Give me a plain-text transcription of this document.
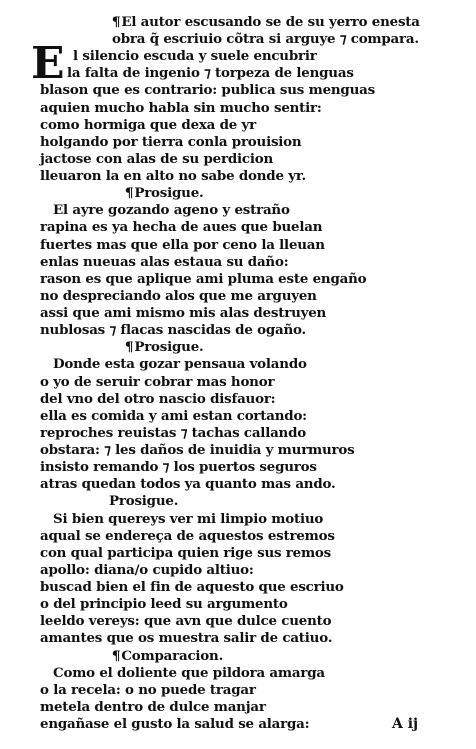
E
¶El autor escusando se de su yerro enesta
obra q̃ escriuio cõtra si arguye ⁊ compara.
l silencio escuda y suele encubrir
la falta de ingenio ⁊ torpeza de lenguas
blason que es contrario: publica sus menguas
aquien mucho habla sin mucho sentir:
como hormiga que dexa de yr
holgando por tierra conla prouision
jactose con alas de su perdicion
lleuaron la en alto no sabe donde yr.
¶Prosigue.
El ayre gozando ageno y estraño
rapina es ya hecha de aues que buelan
fuertes mas que ella por ceno la lleuan
enlas nueuas alas estaua su daño:
rason es que aplique ami pluma este engaño
no despreciando alos que me arguyen
assi que ami mismo mis alas destruyen
nublosas ⁊ flacas nascidas de ogaño.
¶Prosigue.
Donde esta gozar pensaua volando
o yo de seruir cobrar mas honor
del vno del otro nascio disfauor:
ella es comida y ami estan cortando:
reproches reuistas ⁊ tachas callando
obstara: ⁊ les daños de inuidia y murmuros
insisto remando ⁊ los puertos seguros
atras quedan todos ya quanto mas ando.
Prosigue.
Si bien quereys ver mi limpio motiuo
aqual se endereça de aquestos estremos
con qual participa quien rige sus remos
apollo: diana/o cupido altiuo:
buscad bien el fin de aquesto que escriuo
o del principio leed su argumento
leeldo vereys: que avn que dulce cuento
amantes que os muestra salir de catiuo.
¶Comparacion.
A ij
Como el doliente que pildora amarga
o la recela: o no puede tragar
metela dentro de dulce manjar
engañase el gusto la salud se alarga:
